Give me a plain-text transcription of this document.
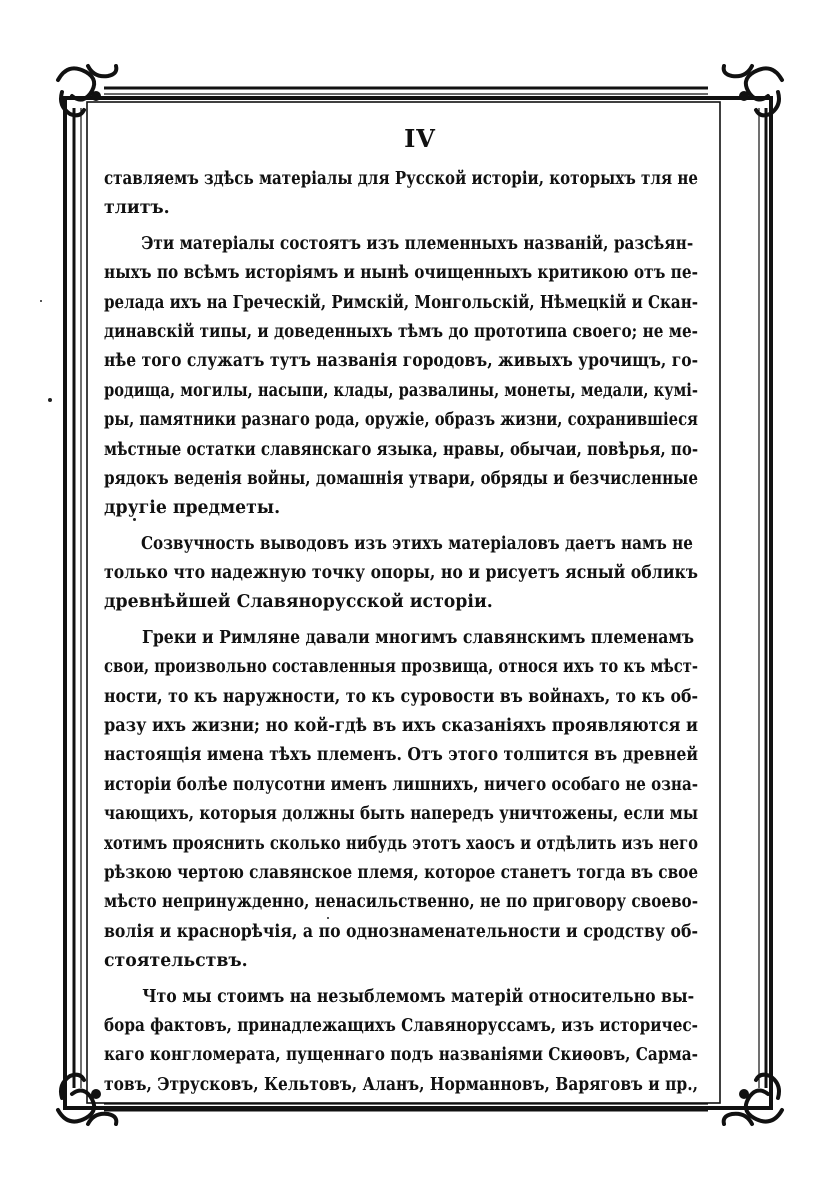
IV
ставляемъ здѣсь матеріалы для Русской исторіи, которыхъ тля не
тлитъ.
Эти матеріалы состоятъ изъ племенныхъ названій, разсѣян-
ныхъ по всѣмъ исторіямъ и нынѣ очищенныхъ критикою отъ пе-
релада ихъ на Греческій, Римскій, Монгольскій, Нѣмецкій и Скан-
динавскій типы, и доведенныхъ тѣмъ до прототипа своего; не ме-
нѣе того служатъ тутъ названія городовъ, живыхъ урочищъ, го-
родища, могилы, насыпи, клады, развалины, монеты, медали, кумі-
ры, памятники разнаго рода, оружіе, образъ жизни, сохранившіеся
мѣстные остатки славянскаго языка, нравы, обычаи, повѣрья, по-
рядокъ веденія войны, домашнія утвари, обряды и безчисленные
другіе предметы.
Созвучность выводовъ изъ этихъ матеріаловъ даетъ намъ не
только что надежную точку опоры, но и рисуетъ ясный обликъ
древнѣйшей Славянорусской исторіи.
Греки и Римляне давали многимъ славянскимъ племенамъ
свои, произвольно составленныя прозвища, относя ихъ то къ мѣст-
ности, то къ наружности, то къ суровости въ войнахъ, то къ об-
разу ихъ жизни; но кой-гдѣ въ ихъ сказаніяхъ проявляются и
настоящія имена тѣхъ племенъ. Отъ этого толпится въ древней
исторіи болѣе полусотни именъ лишнихъ, ничего особаго не озна-
чающихъ, которыя должны быть напередъ уничтожены, если мы
хотимъ прояснить сколько нибудь этотъ хаосъ и отдѣлить изъ него
рѣзкою чертою славянское племя, которое станетъ тогда въ свое
мѣсто непринужденно, ненасильственно, не по приговору своево-
волія и краснорѣчія, а по однознаменательности и сродству об-
стоятельствъ.
Что мы стоимъ на незыблемомъ матерій относительно вы-
бора фактовъ, принадлежащихъ Славянорусcамъ, изъ историчес-
каго конгломерата, пущеннаго подъ названіями Скиѳовъ, Сарма-
товъ, Этрусковъ, Кельтовъ, Аланъ, Норманновъ, Варяговъ и пр.,
